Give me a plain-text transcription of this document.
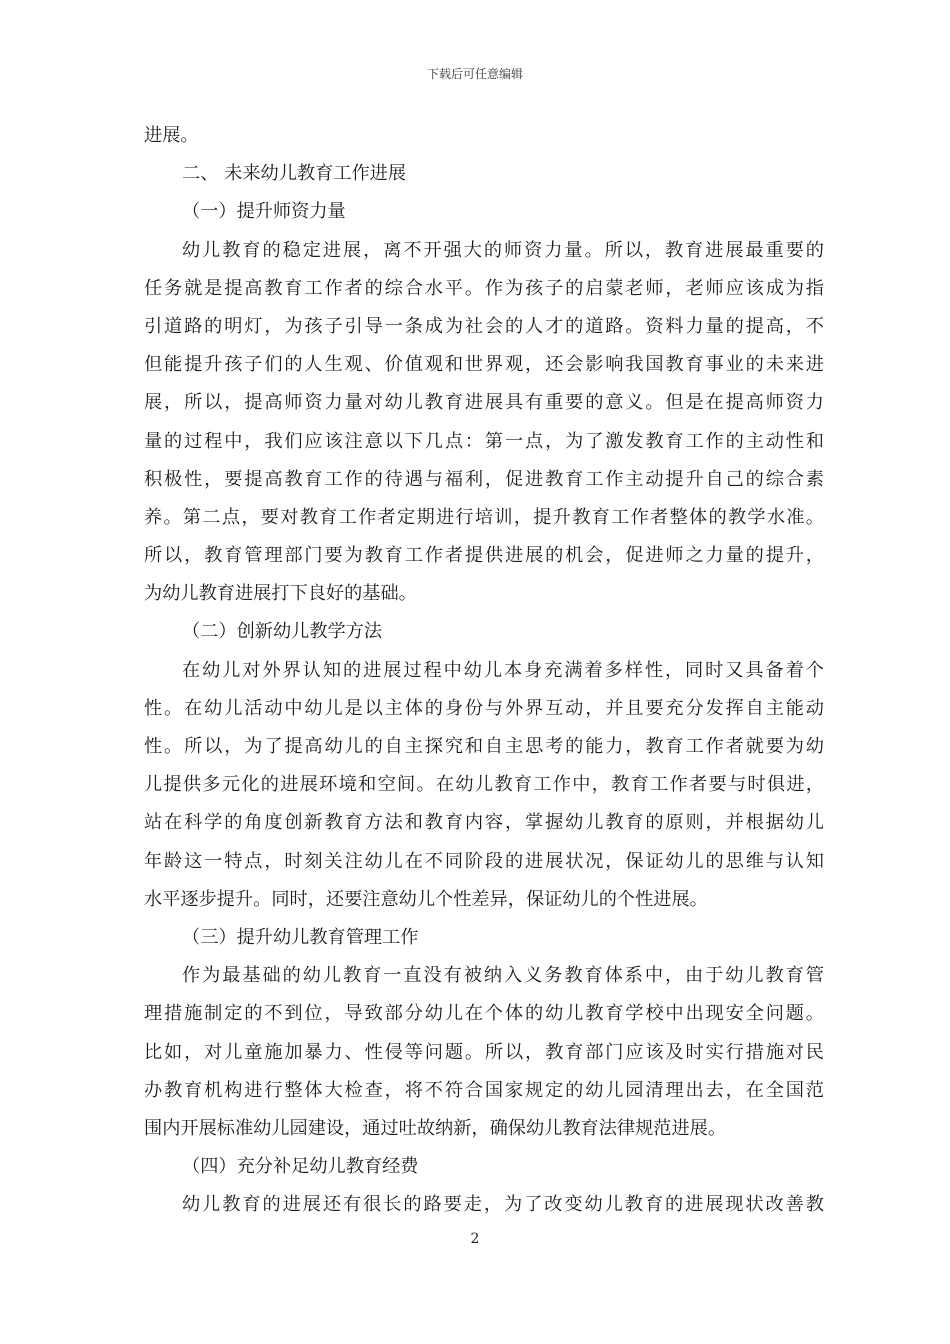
下载后可任意编辑
进展。
二、 未来幼儿教育工作进展
（一）提升师资力量
幼儿教育的稳定进展，离不开强大的师资力量。所以，教育进展最重要的
任务就是提高教育工作者的综合水平。作为孩子的启蒙老师，老师应该成为指
引道路的明灯，为孩子引导一条成为社会的人才的道路。资料力量的提高，不
但能提升孩子们的人生观、价值观和世界观，还会影响我国教育事业的未来进
展，所以，提高师资力量对幼儿教育进展具有重要的意义。但是在提高师资力
量的过程中，我们应该注意以下几点：第一点，为了激发教育工作的主动性和
积极性，要提高教育工作的待遇与福利，促进教育工作主动提升自己的综合素
养。第二点，要对教育工作者定期进行培训，提升教育工作者整体的教学水准。
所以，教育管理部门要为教育工作者提供进展的机会，促进师之力量的提升，
为幼儿教育进展打下良好的基础。
（二）创新幼儿教学方法
在幼儿对外界认知的进展过程中幼儿本身充满着多样性，同时又具备着个
性。在幼儿活动中幼儿是以主体的身份与外界互动，并且要充分发挥自主能动
性。所以，为了提高幼儿的自主探究和自主思考的能力，教育工作者就要为幼
儿提供多元化的进展环境和空间。在幼儿教育工作中，教育工作者要与时俱进，
站在科学的角度创新教育方法和教育内容，掌握幼儿教育的原则，并根据幼儿
年龄这一特点，时刻关注幼儿在不同阶段的进展状况，保证幼儿的思维与认知
水平逐步提升。同时，还要注意幼儿个性差异，保证幼儿的个性进展。
（三）提升幼儿教育管理工作
作为最基础的幼儿教育一直没有被纳入义务教育体系中，由于幼儿教育管
理措施制定的不到位，导致部分幼儿在个体的幼儿教育学校中出现安全问题。
比如，对儿童施加暴力、性侵等问题。所以，教育部门应该及时实行措施对民
办教育机构进行整体大检查，将不符合国家规定的幼儿园清理出去，在全国范
围内开展标准幼儿园建设，通过吐故纳新，确保幼儿教育法律规范进展。
（四）充分补足幼儿教育经费
幼儿教育的进展还有很长的路要走，为了改变幼儿教育的进展现状改善教
2
